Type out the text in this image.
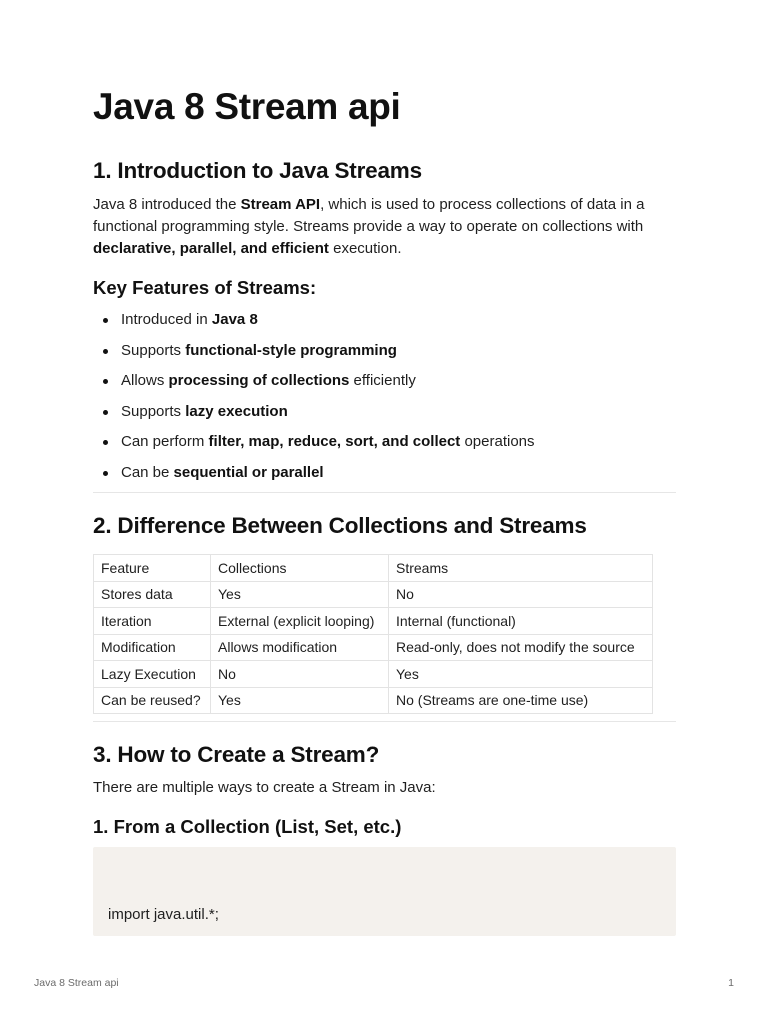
Java 8 Stream api
1. Introduction to Java Streams

Java 8 introduced the Stream API, which is used to process collections of data in a functional programming style. Streams provide a way to operate on collections with declarative, parallel, and efficient execution.

Key Features of Streams:
Introduced in Java 8
Supports functional-style programming
Allows processing of collections efficiently
Supports lazy execution
Can perform filter, map, reduce, sort, and collect operations
Can be sequential or parallel
2. Difference Between Collections and Streams
Feature	Collections	Streams
Stores data	Yes	No
Iteration	External (explicit looping)	Internal (functional)
Modification	Allows modification	Read-only, does not modify the source
Lazy Execution	No	Yes
Can be reused?	Yes	No (Streams are one-time use)
3. How to Create a Stream?

There are multiple ways to create a Stream in Java:

1. From a Collection (List, Set, etc.)
import java.util.*;
Java 8 Stream api	1
